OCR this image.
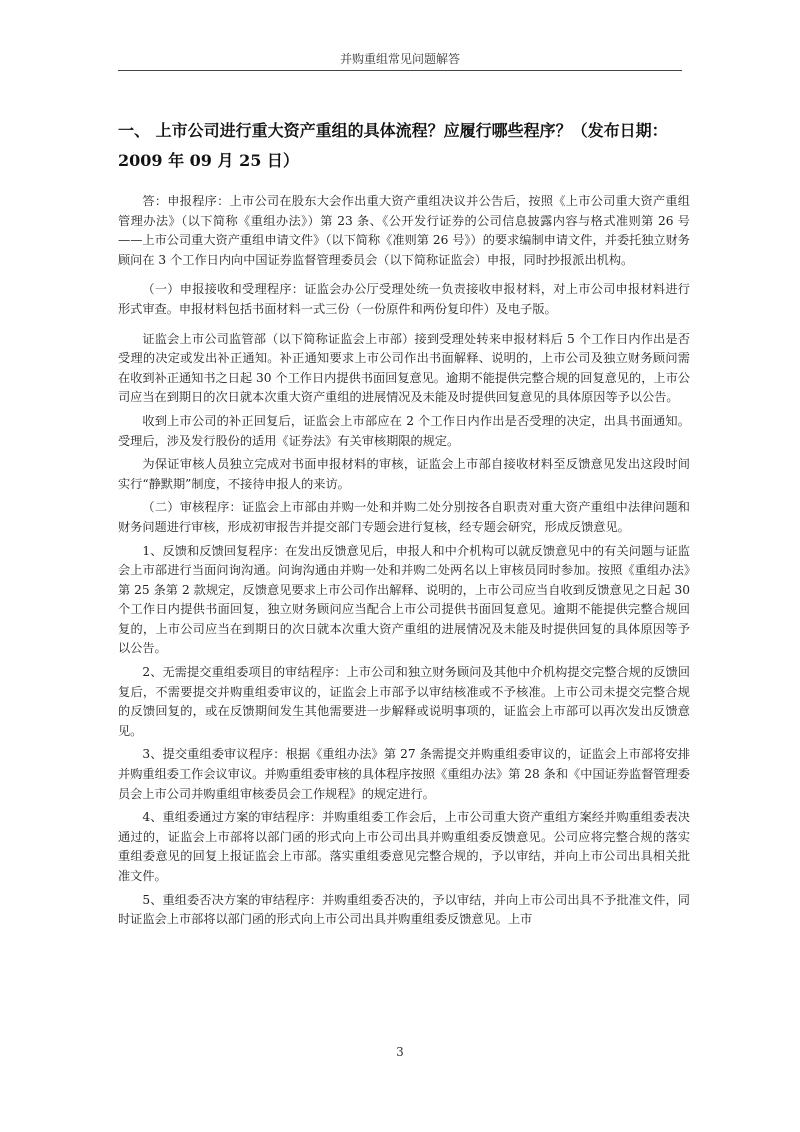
并购重组常见问题解答
一、 上市公司进行重大资产重组的具体流程？应履行哪些程序？（发布日期：2009 年 09 月 25 日）

答：申报程序：上市公司在股东大会作出重大资产重组决议并公告后，按照《上市公司重大资产重组管理办法》（以下简称《重组办法》）第 23 条、《公开发行证券的公司信息披露内容与格式准则第 26 号——上市公司重大资产重组申请文件》（以下简称《准则第 26 号》）的要求编制申请文件，并委托独立财务顾问在 3 个工作日内向中国证券监督管理委员会（以下简称证监会）申报，同时抄报派出机构。

（一）申报接收和受理程序：证监会办公厅受理处统一负责接收申报材料，对上市公司申报材料进行形式审查。申报材料包括书面材料一式三份（一份原件和两份复印件）及电子版。

证监会上市公司监管部（以下简称证监会上市部）接到受理处转来申报材料后 5 个工作日内作出是否受理的决定或发出补正通知。补正通知要求上市公司作出书面解释、说明的，上市公司及独立财务顾问需在收到补正通知书之日起 30 个工作日内提供书面回复意见。逾期不能提供完整合规的回复意见的，上市公司应当在到期日的次日就本次重大资产重组的进展情况及未能及时提供回复意见的具体原因等予以公告。

收到上市公司的补正回复后，证监会上市部应在 2 个工作日内作出是否受理的决定，出具书面通知。受理后，涉及发行股份的适用《证券法》有关审核期限的规定。

为保证审核人员独立完成对书面申报材料的审核，证监会上市部自接收材料至反馈意见发出这段时间实行“静默期”制度，不接待申报人的来访。

（二）审核程序：证监会上市部由并购一处和并购二处分别按各自职责对重大资产重组中法律问题和财务问题进行审核，形成初审报告并提交部门专题会进行复核，经专题会研究，形成反馈意见。

1、反馈和反馈回复程序：在发出反馈意见后，申报人和中介机构可以就反馈意见中的有关问题与证监会上市部进行当面问询沟通。问询沟通由并购一处和并购二处两名以上审核员同时参加。按照《重组办法》第 25 条第 2 款规定，反馈意见要求上市公司作出解释、说明的，上市公司应当自收到反馈意见之日起 30 个工作日内提供书面回复，独立财务顾问应当配合上市公司提供书面回复意见。逾期不能提供完整合规回复的，上市公司应当在到期日的次日就本次重大资产重组的进展情况及未能及时提供回复的具体原因等予以公告。

2、无需提交重组委项目的审结程序：上市公司和独立财务顾问及其他中介机构提交完整合规的反馈回复后，不需要提交并购重组委审议的，证监会上市部予以审结核准或不予核准。上市公司未提交完整合规的反馈回复的，或在反馈期间发生其他需要进一步解释或说明事项的，证监会上市部可以再次发出反馈意见。

3、提交重组委审议程序：根据《重组办法》第 27 条需提交并购重组委审议的，证监会上市部将安排并购重组委工作会议审议。并购重组委审核的具体程序按照《重组办法》第 28 条和《中国证券监督管理委员会上市公司并购重组审核委员会工作规程》的规定进行。

4、重组委通过方案的审结程序：并购重组委工作会后，上市公司重大资产重组方案经并购重组委表决通过的，证监会上市部将以部门函的形式向上市公司出具并购重组委反馈意见。公司应将完整合规的落实重组委意见的回复上报证监会上市部。落实重组委意见完整合规的，予以审结，并向上市公司出具相关批准文件。

5、重组委否决方案的审结程序：并购重组委否决的，予以审结，并向上市公司出具不予批准文件，同时证监会上市部将以部门函的形式向上市公司出具并购重组委反馈意见。上市

3
